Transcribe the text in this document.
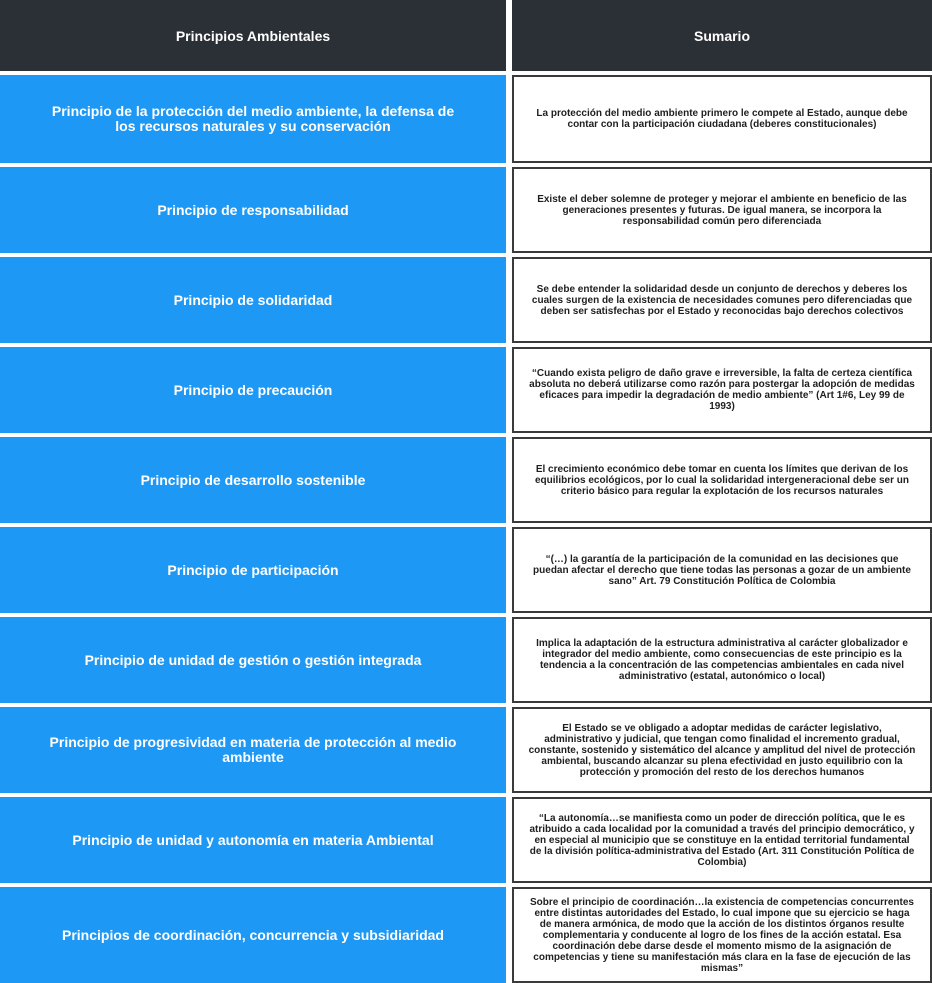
Principios Ambientales	Sumario
Principio de la protección del medio ambiente, la defensa de los recursos naturales y su conservación
La protección del medio ambiente primero le compete al Estado, aunque debe contar con la participación ciudadana (deberes constitucionales)
Principio de responsabilidad
Existe el deber solemne de proteger y mejorar el ambiente en beneficio de las generaciones presentes y futuras. De igual manera, se incorpora la responsabilidad común pero diferenciada
Principio de solidaridad
Se debe entender la solidaridad desde un conjunto de derechos y deberes los cuales surgen de la existencia de necesidades comunes pero diferenciadas que deben ser satisfechas por el Estado y reconocidas bajo derechos colectivos
Principio de precaución
“Cuando exista peligro de daño grave e irreversible, la falta de certeza científica absoluta no deberá utilizarse como razón para postergar la adopción de medidas eficaces para impedir la degradación de medio ambiente” (Art 1#6, Ley 99 de 1993)
Principio de desarrollo sostenible
El crecimiento económico debe tomar en cuenta los límites que derivan de los equilibrios ecológicos, por lo cual la solidaridad intergeneracional debe ser un criterio básico para regular la explotación de los recursos naturales
Principio de participación
“(…) la garantía de la participación de la comunidad en las decisiones que puedan afectar el derecho que tiene todas las personas a gozar de un ambiente sano” Art. 79 Constitución Política de Colombia
Principio de unidad de gestión o gestión integrada
Implica la adaptación de la estructura administrativa al carácter globalizador e integrador del medio ambiente, como consecuencias de este principio es la tendencia a la concentración de las competencias ambientales en cada nivel administrativo (estatal, autonómico o local)
Principio de progresividad en materia de protección al medio ambiente
El Estado se ve obligado a adoptar medidas de carácter legislativo, administrativo y judicial, que tengan como finalidad el incremento gradual, constante, sostenido y sistemático del alcance y amplitud del nivel de protección ambiental, buscando alcanzar su plena efectividad en justo equilibrio con la protección y promoción del resto de los derechos humanos
Principio de unidad y autonomía en materia Ambiental
“La autonomía…se manifiesta como un poder de dirección política, que le es atribuido a cada localidad por la comunidad a través del principio democrático, y en especial al municipio que se constituye en la entidad territorial fundamental de la división política-administrativa del Estado (Art. 311 Constitución Política de Colombia)
Principios de coordinación, concurrencia y subsidiaridad
Sobre el principio de coordinación…la existencia de competencias concurrentes entre distintas autoridades del Estado, lo cual impone que su ejercicio se haga de manera armónica, de modo que la acción de los distintos órganos resulte complementaria y conducente al logro de los fines de la acción estatal. Esa coordinación debe darse desde el momento mismo de la asignación de competencias y tiene su manifestación más clara en la fase de ejecución de las mismas”
